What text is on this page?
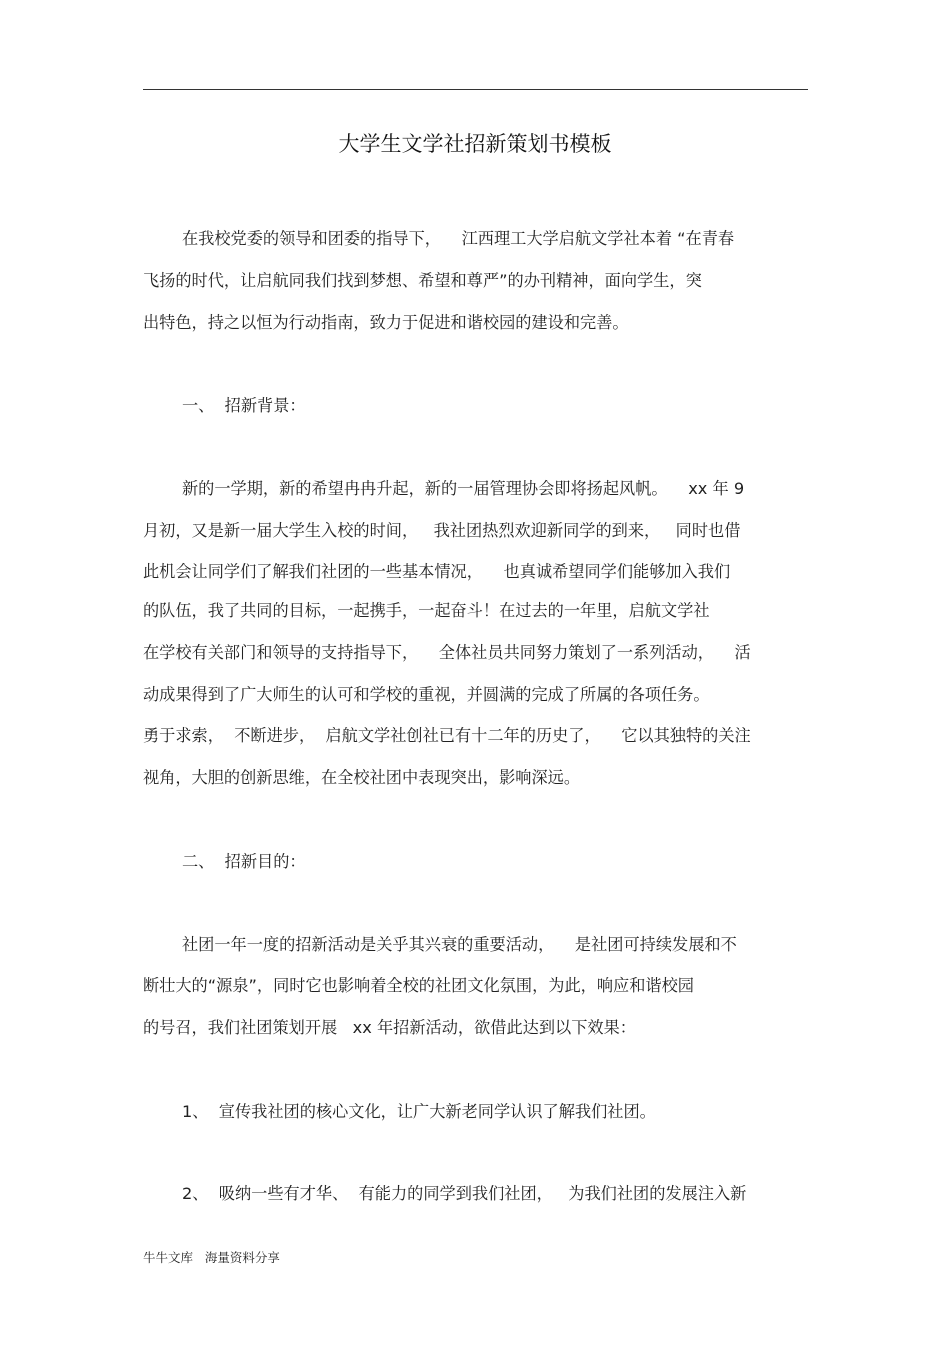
大学生文学社招新策划书模板
在我校党委的领导和团委的指导下，    江西理工大学启航文学社本着 “在青春
飞扬的时代，让启航同我们找到梦想、希望和尊严”的办刊精神，面向学生，突
出特色，持之以恒为行动指南，致力于促进和谐校园的建设和完善。
一、  招新背景：
新的一学期，新的希望冉冉升起，新的一届管理协会即将扬起风帆。    xx 年 9
月初，又是新一届大学生入校的时间，   我社团热烈欢迎新同学的到来，   同时也借
此机会让同学们了解我们社团的一些基本情况，    也真诚希望同学们能够加入我们
的队伍，我了共同的目标，一起携手，一起奋斗！在过去的一年里，启航文学社
在学校有关部门和领导的支持指导下，    全体社员共同努力策划了一系列活动，    活
动成果得到了广大师生的认可和学校的重视，并圆满的完成了所属的各项任务。
勇于求索，  不断进步，  启航文学社创社已有十二年的历史了，    它以其独特的关注
视角，大胆的创新思维，在全校社团中表现突出，影响深远。
二、  招新目的：
社团一年一度的招新活动是关乎其兴衰的重要活动，    是社团可持续发展和不
断壮大的“源泉”，同时它也影响着全校的社团文化氛围，为此，响应和谐校园
的号召，我们社团策划开展   xx 年招新活动，欲借此达到以下效果：
1、  宣传我社团的核心文化，让广大新老同学认识了解我们社团。
2、  吸纳一些有才华、  有能力的同学到我们社团，   为我们社团的发展注入新
牛牛文库   海量资料分享
